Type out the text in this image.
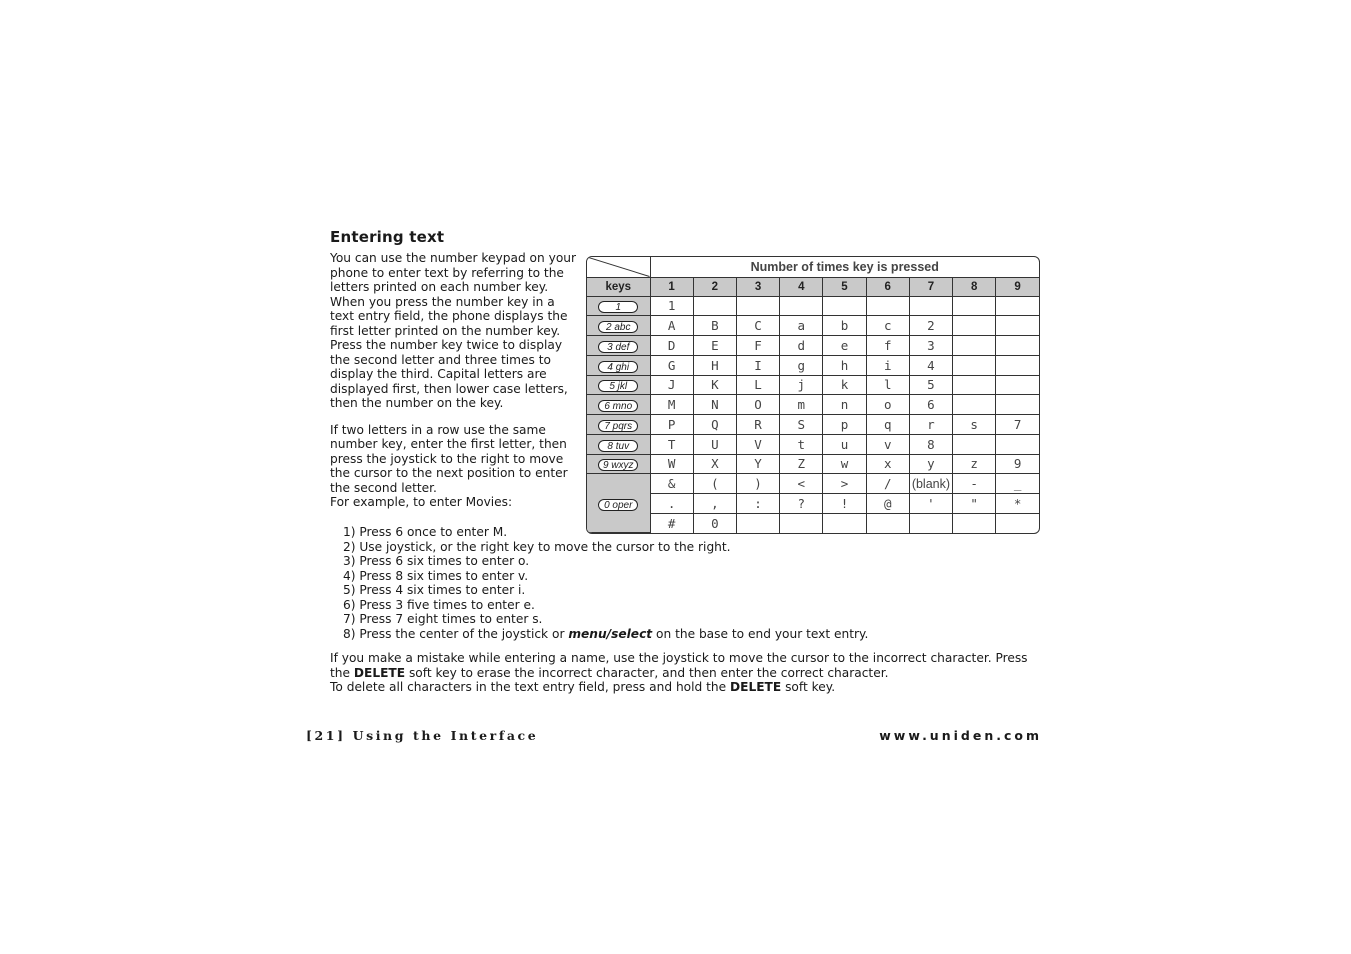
Entering text

You can use the number keypad on your phone to enter text by referring to the letters printed on each number key. When you press the number key in a text entry field, the phone displays the first letter printed on the number key. Press the number key twice to display the second letter and three times to display the third. Capital letters are displayed first, then lower case letters, then the number on the key.

If two letters in a row use the same number key, enter the first letter, then press the joystick to the right to move the cursor to the next position to enter the second letter.
For example, to enter Movies:

	Number of times key is pressed								
keys	1	2	3	4	5	6	7	8	9
1	1								
2 abc	A	B	C	a	b	c	2		
3 def	D	E	F	d	e	f	3		
4 ghi	G	H	I	g	h	i	4		
5 jkl	J	K	L	j	k	l	5		
6 mno	M	N	O	m	n	o	6		
7 pqrs	P	Q	R	S	p	q	r	s	7
8 tuv	T	U	V	t	u	v	8		
9 wxyz	W	X	Y	Z	w	x	y	z	9
0 oper	&	(	)	<	>	/	(blank)	-	_
	.	,	:	?	!	@	'	"	*
	#	0							
1) Press 6 once to enter M.
2) Use joystick, or the right key to move the cursor to the right.
3) Press 6 six times to enter o.
4) Press 8 six times to enter v.
5) Press 4 six times to enter i.
6) Press 3 five times to enter e.
7) Press 7 eight times to enter s.
8) Press the center of the joystick or menu/select on the base to end your text entry.

If you make a mistake while entering a name, use the joystick to move the cursor to the incorrect character. Press the DELETE soft key to erase the incorrect character, and then enter the correct character.

To delete all characters in the text entry field, press and hold the DELETE soft key.

[21] Using the Interface	www.uniden.com
